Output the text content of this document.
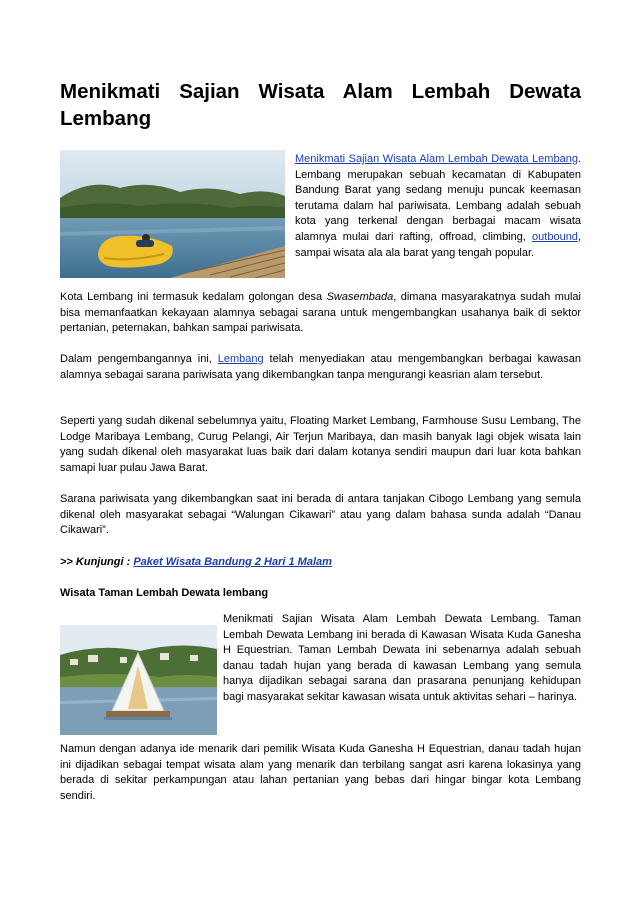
Menikmati Sajian Wisata Alam Lembah Dewata Lembang
Menikmati Sajian Wisata Alam Lembah Dewata Lembang. Lembang merupakan sebuah kecamatan di Kabupaten Bandung Barat yang sedang menuju puncak keemasan terutama dalam hal pariwisata. Lembang adalah sebuah kota yang terkenal dengan berbagai macam wisata alamnya mulai dari rafting, offroad, climbing, outbound, sampai wisata ala ala barat yang tengah popular.

Kota Lembang ini termasuk kedalam golongan desa Swasembada, dimana masyarakatnya sudah mulai bisa memanfaatkan kekayaan alamnya sebagai sarana untuk mengembangkan usahanya baik di sektor pertanian, peternakan, bahkan sampai pariwisata.

Dalam pengembangannya ini, Lembang telah menyediakan atau mengembangkan berbagai kawasan alamnya sebagai sarana pariwisata yang dikembangkan tanpa mengurangi keasrian alam tersebut.

Seperti yang sudah dikenal sebelumnya yaitu, Floating Market Lembang, Farmhouse Susu Lembang, The Lodge Maribaya Lembang, Curug Pelangi, Air Terjun Maribaya, dan masih banyak lagi objek wisata lain yang sudah dikenal oleh masyarakat luas baik dari dalam kotanya sendiri maupun dari luar kota bahkan samapi luar pulau Jawa Barat.

Sarana pariwisata yang dikembangkan saat ini berada di antara tanjakan Cibogo Lembang yang semula dikenal oleh masyarakat sebagai “Walungan Cikawari” atau yang dalam bahasa sunda adalah “Danau Cikawari”.

>> Kunjungi : Paket Wisata Bandung 2 Hari 1 Malam

Wisata Taman Lembah Dewata lembang

Menikmati Sajian Wisata Alam Lembah Dewata Lembang. Taman Lembah Dewata Lembang ini berada di Kawasan Wisata Kuda Ganesha H Equestrian. Taman Lembah Dewata ini sebenarnya adalah sebuah danau tadah hujan yang berada di kawasan Lembang yang semula hanya dijadikan sebagai sarana dan prasarana penunjang kehidupan bagi masyarakat sekitar kawasan wisata untuk aktivitas sehari – harinya.

Namun dengan adanya ide menarik dari pemilik Wisata Kuda Ganesha H Equestrian, danau tadah hujan ini dijadikan sebagai tempat wisata alam yang menarik dan terbilang sangat asri karena lokasinya yang berada di sekitar perkampungan atau lahan pertanian yang bebas dari hingar bingar kota Lembang sendiri.
